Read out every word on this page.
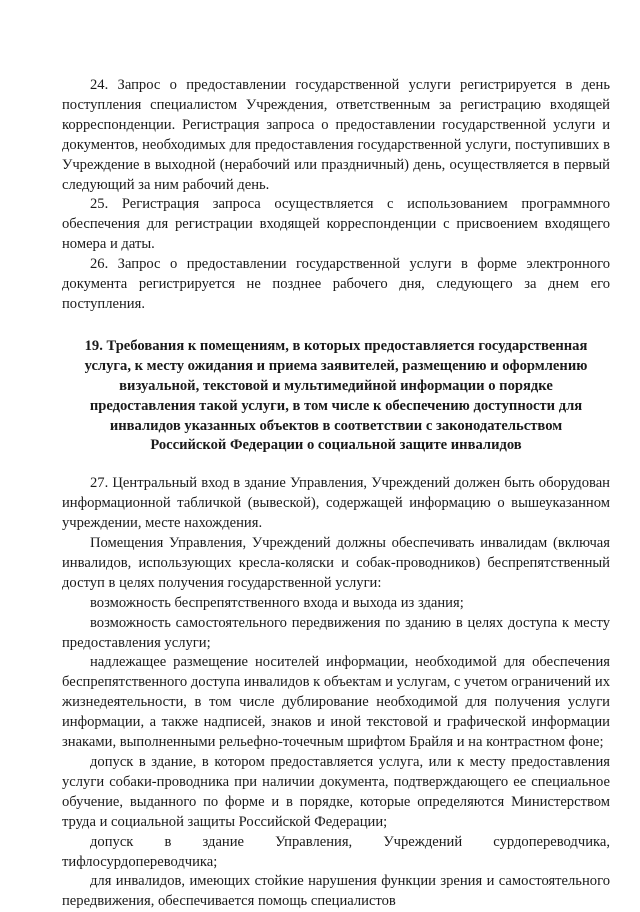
24. Запрос о предоставлении государственной услуги регистрируется в день поступления специалистом Учреждения, ответственным за регистрацию входящей корреспонденции. Регистрация запроса о предоставлении государственной услуги и документов, необходимых для предоставления государственной услуги, поступивших в Учреждение в выходной (нерабочий или праздничный) день, осуществляется в первый следующий за ним рабочий день.

25. Регистрация запроса осуществляется с использованием программного обеспечения для регистрации входящей корреспонденции с присвоением входящего номера и даты.

26. Запрос о предоставлении государственной услуги в форме электронного документа регистрируется не позднее рабочего дня, следующего за днем его поступления.

19. Требования к помещениям, в которых предоставляется государственная
услуга, к месту ожидания и приема заявителей, размещению и оформлению
визуальной, текстовой и мультимедийной информации о порядке
предоставления такой услуги, в том числе к обеспечению доступности для
инвалидов указанных объектов в соответствии с законодательством
Российской Федерации о социальной защите инвалидов

27. Центральный вход в здание Управления, Учреждений должен быть оборудован информационной табличкой (вывеской), содержащей информацию о вышеуказанном учреждении, месте нахождения.

Помещения Управления, Учреждений должны обеспечивать инвалидам (включая инвалидов, использующих кресла-коляски и собак-проводников) беспрепятственный доступ в целях получения государственной услуги:

возможность беспрепятственного входа и выхода из здания;

возможность самостоятельного передвижения по зданию в целях доступа к месту предоставления услуги;

надлежащее размещение носителей информации, необходимой для обеспечения беспрепятственного доступа инвалидов к объектам и услугам, с учетом ограничений их жизнедеятельности, в том числе дублирование необходимой для получения услуги информации, а также надписей, знаков и иной текстовой и графической информации знаками, выполненными рельефно-точечным шрифтом Брайля и на контрастном фоне;

допуск в здание, в котором предоставляется услуга, или к месту предоставления услуги собаки-проводника при наличии документа, подтверждающего ее специальное обучение, выданного по форме и в порядке, которые определяются Министерством труда и социальной защиты Российской Федерации;

допуск в здание Управления, Учреждений сурдопереводчика, тифлосурдопереводчика;

для инвалидов, имеющих стойкие нарушения функции зрения и самостоятельного передвижения, обеспечивается помощь специалистов
